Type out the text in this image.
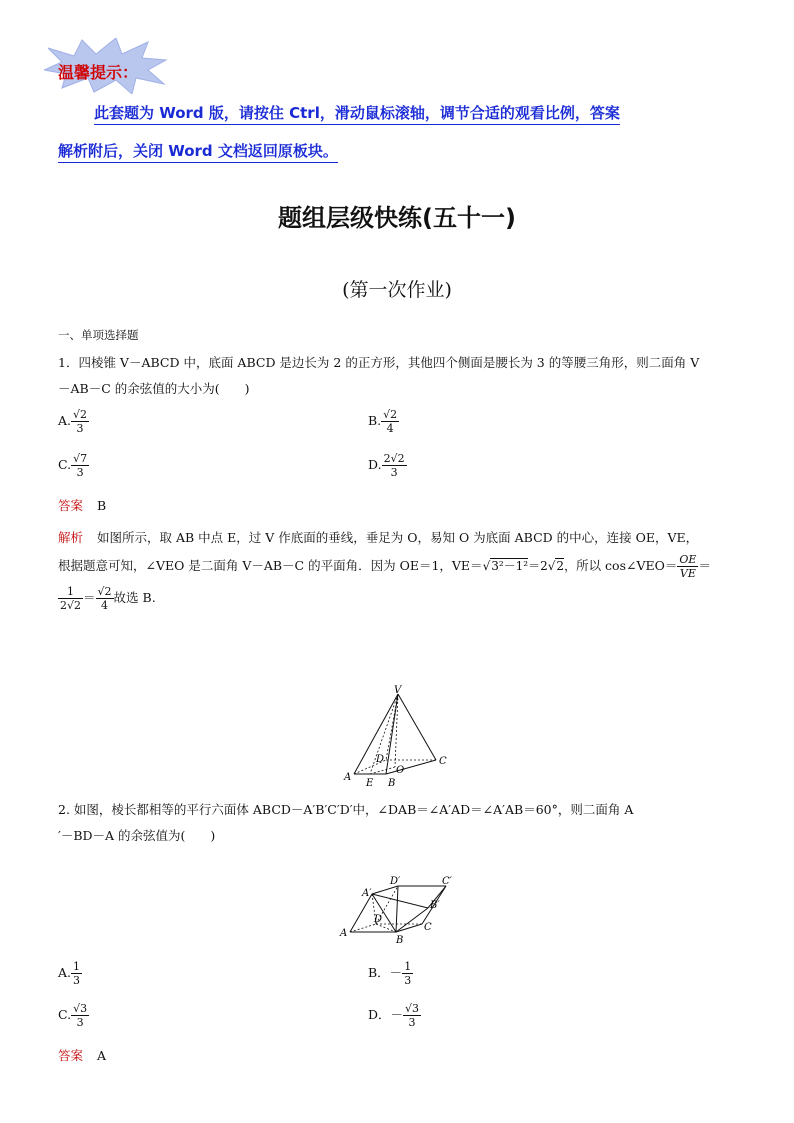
温馨提示：
此套题为 Word 版，请按住 Ctrl，滑动鼠标滚轴，调节合适的观看比例，答案
解析附后，关闭 Word 文档返回原板块。
题组层级快练(五十一)
(第一次作业)
一、单项选择题
1．四棱锥 V－ABCD 中，底面 ABCD 是边长为 2 的正方形，其他四个侧面是腰长为 3 的等腰三角形，则二面角 V
－AB－C 的余弦值的大小为(　　)
A. $\frac{√2}{3}$	B. $\frac{√2}{4}$
C. $\frac{√7}{3}$	D. $\frac{2√2}{3}$
答案 B
解析 如图所示，取 AB 中点 E，过 V 作底面的垂线，垂足为 O，易知 O 为底面 ABCD 的中心，连接 OE，VE，
根据题意可知，∠VEO 是二面角 V－AB－C 的平面角．因为 OE＝1，VE＝√3²－1²＝2√2，所以 cos∠VEO＝ $\frac{OE}{VE}$ ＝
$\frac{1}{2√2} = \frac{√2}{4}$ 故选 B.
V
D
O
C
A
E B
2. 如图，棱长都相等的平行六面体 ABCD－A′B′C′D′中，∠DAB＝∠A′AD＝∠A′AB＝60°，则二面角 A
′－BD－A 的余弦值为(　　)
D′	C′
A′
B′
D
A
B
C
A. $\frac{1}{3}$	B．－ $\frac{1}{3}$
C. $\frac{√3}{3}$	D．－ $\frac{√3}{3}$
答案 A
